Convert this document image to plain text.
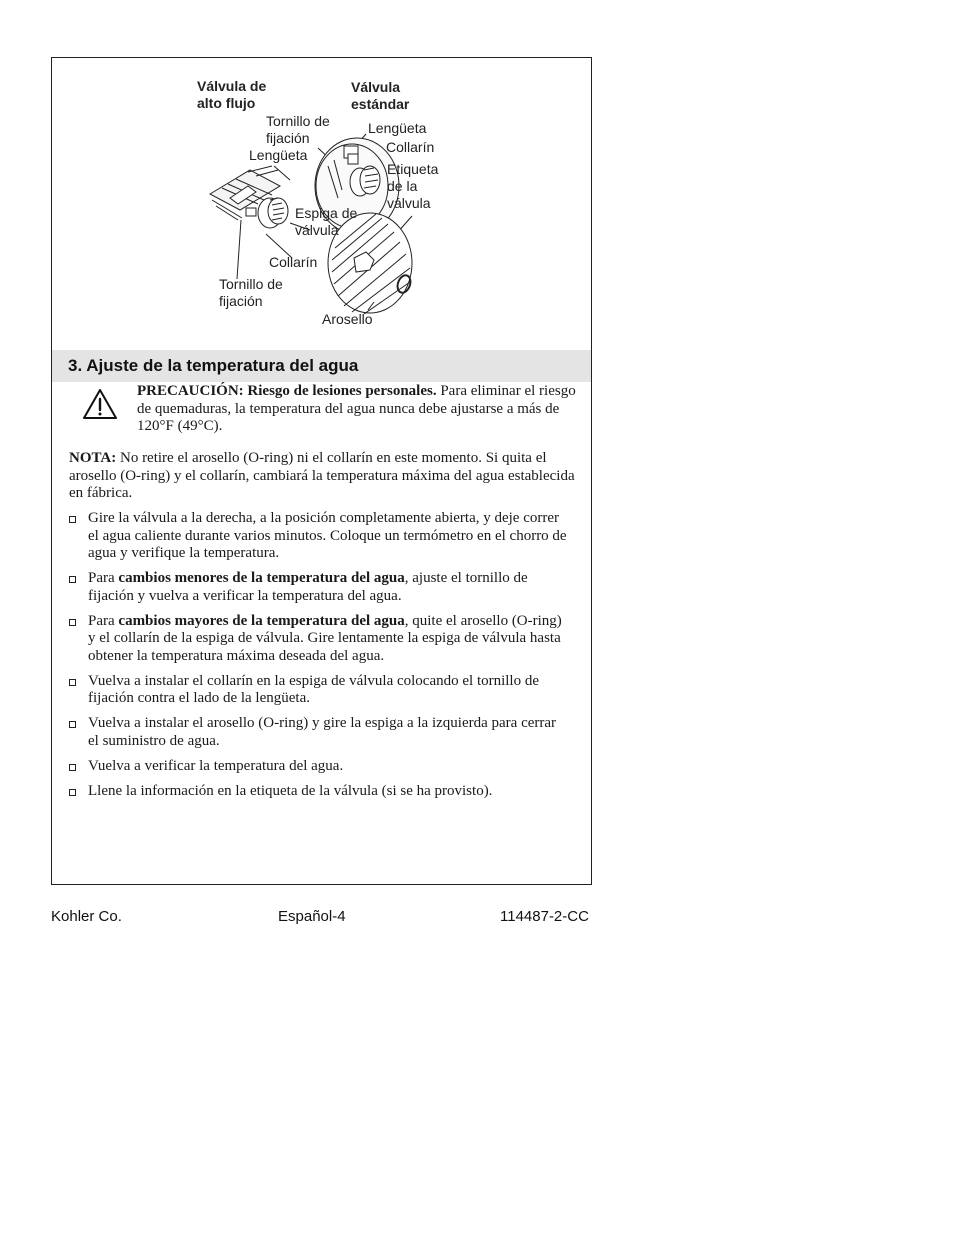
Válvula de
alto flujo
Válvula
estándar
Tornillo de
fijación
Lengüeta
Lengüeta
Collarín
Etiqueta
de la
válvula
Espiga de
válvula
Collarín
Tornillo de
fijación
Arosello
3. Ajuste de la temperatura del agua
PRECAUCIÓN: Riesgo de lesiones personales. Para eliminar el riesgo de quemaduras, la temperatura del agua nunca debe ajustarse a más de 120°F (49°C).
NOTA: No retire el arosello (O-ring) ni el collarín en este momento. Si quita el arosello (O-ring) y el collarín, cambiará la temperatura máxima del agua establecida en fábrica.
Gire la válvula a la derecha, a la posición completamente abierta, y deje correr el agua caliente durante varios minutos. Coloque un termómetro en el chorro de agua y verifique la temperatura.
Para cambios menores de la temperatura del agua, ajuste el tornillo de fijación y vuelva a verificar la temperatura del agua.
Para cambios mayores de la temperatura del agua, quite el arosello (O-ring) y el collarín de la espiga de válvula. Gire lentamente la espiga de válvula hasta obtener la temperatura máxima deseada del agua.
Vuelva a instalar el collarín en la espiga de válvula colocando el tornillo de fijación contra el lado de la lengüeta.
Vuelva a instalar el arosello (O-ring) y gire la espiga a la izquierda para cerrar el suministro de agua.
Vuelva a verificar la temperatura del agua.
Llene la información en la etiqueta de la válvula (si se ha provisto).
Kohler Co.	Español-4	114487-2-CC
